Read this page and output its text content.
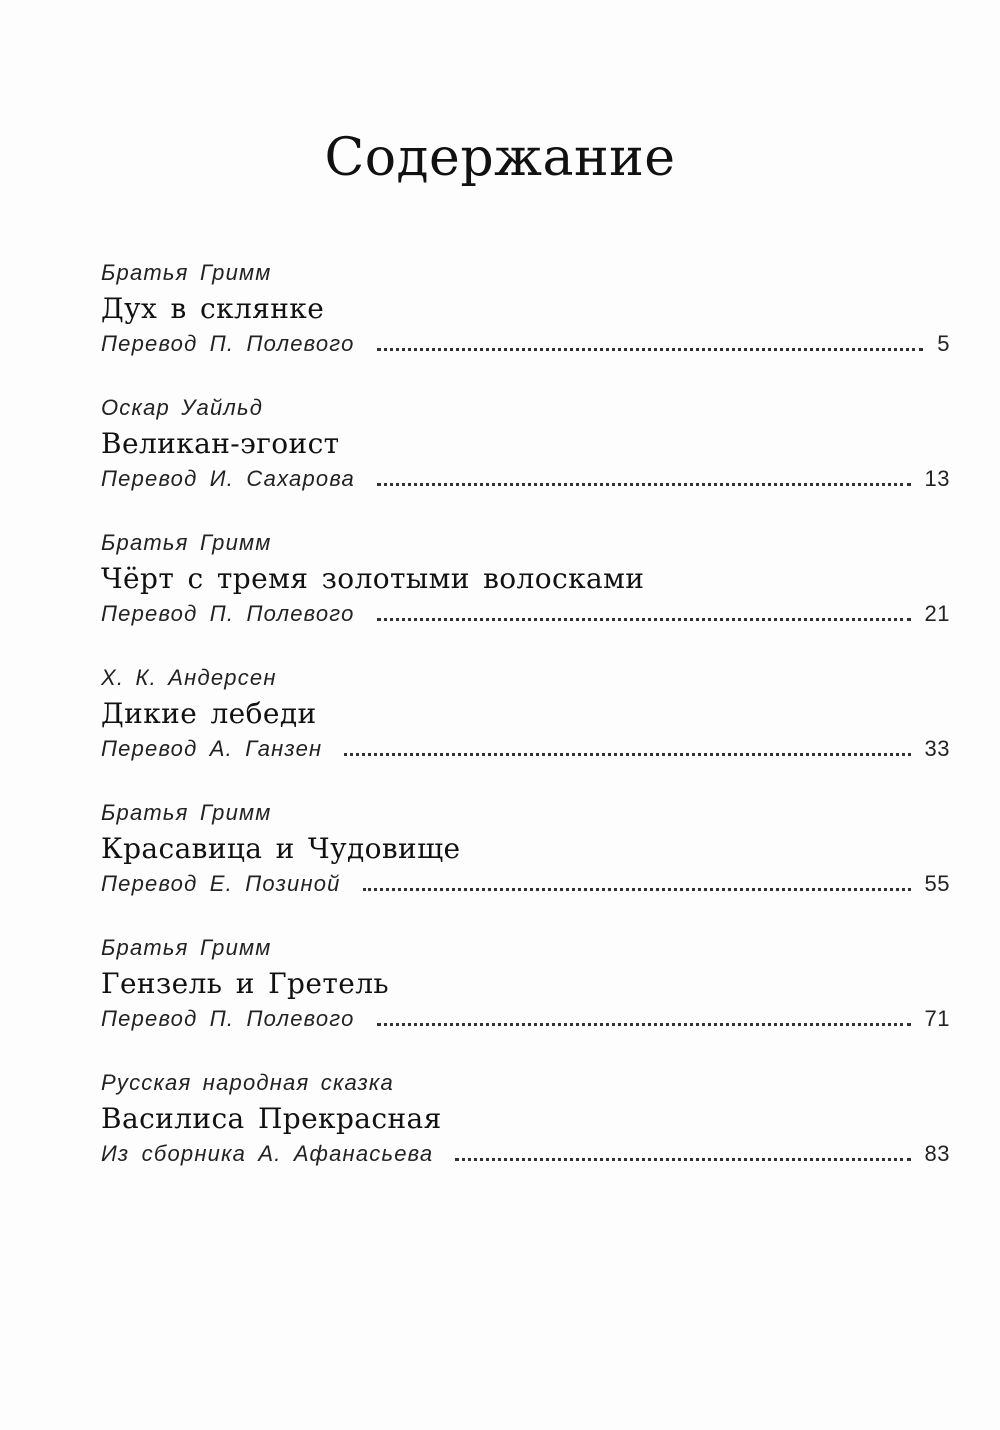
Содержание
Братья Гримм
Дух в склянке
Перевод П. Полевого	5
Оскар Уайльд
Великан-эгоист
Перевод И. Сахарова	13
Братья Гримм
Чёрт с тремя золотыми волосками
Перевод П. Полевого	21
Х. К. Андерсен
Дикие лебеди
Перевод А. Ганзен	33
Братья Гримм
Красавица и Чудовище
Перевод Е. Позиной	55
Братья Гримм
Гензель и Гретель
Перевод П. Полевого	71
Русская народная сказка
Василиса Прекрасная
Из сборника А. Афанасьева	83
